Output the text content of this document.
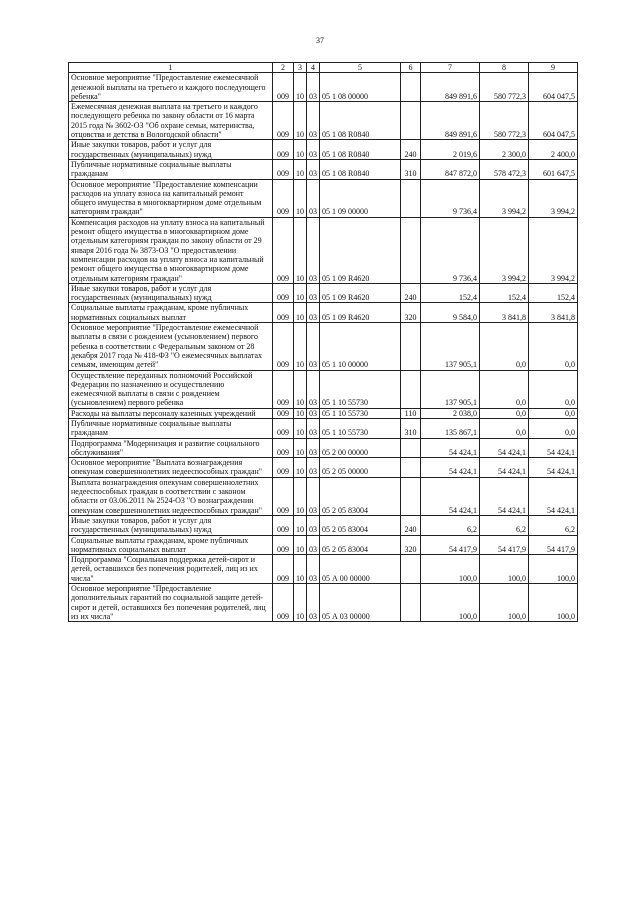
37
1	2	3	4	5	6	7	8	9
Основное мероприятие "Предоставление ежемесячной денежной выплаты на третьего и каждого последующего ребенка"	009	10	03	05 1 08 00000		849 891,6	580 772,3	604 047,5
Ежемесячная денежная выплата на третьего и каждого последующего ребенка по закону области от 16 марта 2015 года № 3602-ОЗ "Об охране семьи, материнства, отцовства и детства в Вологодской области"	009	10	03	05 1 08 R0840		849 891,6	580 772,3	604 047,5
Иные закупки товаров, работ и услуг для государственных (муниципальных) нужд	009	10	03	05 1 08 R0840	240	2 019,6	2 300,0	2 400,0
Публичные нормативные социальные выплаты гражданам	009	10	03	05 1 08 R0840	310	847 872,0	578 472,3	601 647,5
Основное мероприятие "Предоставление компенсации расходов на уплату взноса на капитальный ремонт общего имущества в многоквартирном доме отдельным категориям граждан"	009	10	03	05 1 09 00000		9 736,4	3 994,2	3 994,2
Компенсация расходов на уплату взноса на капитальный ремонт общего имущества в многоквартирном доме отдельным категориям граждан по закону области от 29 января 2016 года № 3873-ОЗ "О предоставлении компенсации расходов на уплату взноса на капитальный ремонт общего имущества в многоквартирном доме отдельным категориям граждан"	009	10	03	05 1 09 R4620		9 736,4	3 994,2	3 994,2
Иные закупки товаров, работ и услуг для государственных (муниципальных) нужд	009	10	03	05 1 09 R4620	240	152,4	152,4	152,4
Социальные выплаты гражданам, кроме публичных нормативных социальных выплат	009	10	03	05 1 09 R4620	320	9 584,0	3 841,8	3 841,8
Основное мероприятие "Предоставление ежемесячной выплаты в связи с рождением (усыновлением) первого ребенка в соответствии с Федеральным законом от 28 декабря 2017 года № 418-ФЗ "О ежемесячных выплатах семьям, имеющим детей"	009	10	03	05 1 10 00000		137 905,1	0,0	0,0
Осуществление переданных полномочий Российской Федерации по назначению и осуществлению ежемесячной выплаты в связи с рождением (усыновлением) первого ребенка	009	10	03	05 1 10 55730		137 905,1	0,0	0,0
Расходы на выплаты персоналу казенных учреждений	009	10	03	05 1 10 55730	110	2 038,0	0,0	0,0
Публичные нормативные социальные выплаты гражданам	009	10	03	05 1 10 55730	310	135 867,1	0,0	0,0
Подпрограмма "Модернизация и развитие социального обслуживания"	009	10	03	05 2 00 00000		54 424,1	54 424,1	54 424,1
Основное мероприятие "Выплата вознаграждения опекунам совершеннолетних недееспособных граждан"	009	10	03	05 2 05 00000		54 424,1	54 424,1	54 424,1
Выплата вознаграждения опекунам совершеннолетних недееспособных граждан в соответствии с законом области от 03.06.2011 № 2524-ОЗ "О вознаграждении опекунам совершеннолетних недееспособных граждан"	009	10	03	05 2 05 83004		54 424,1	54 424,1	54 424,1
Иные закупки товаров, работ и услуг для государственных (муниципальных) нужд	009	10	03	05 2 05 83004	240	6,2	6,2	6,2
Социальные выплаты гражданам, кроме публичных нормативных социальных выплат	009	10	03	05 2 05 83004	320	54 417,9	54 417,9	54 417,9
Подпрограмма "Социальная поддержка детей-сирот и детей, оставшихся без попечения родителей, лиц из их числа"	009	10	03	05 А 00 00000		100,0	100,0	100,0
Основное мероприятие "Предоставление дополнительных гарантий по социальной защите детей-сирот и детей, оставшихся без попечения родителей, лиц из их числа"	009	10	03	05 А 03 00000		100,0	100,0	100,0
